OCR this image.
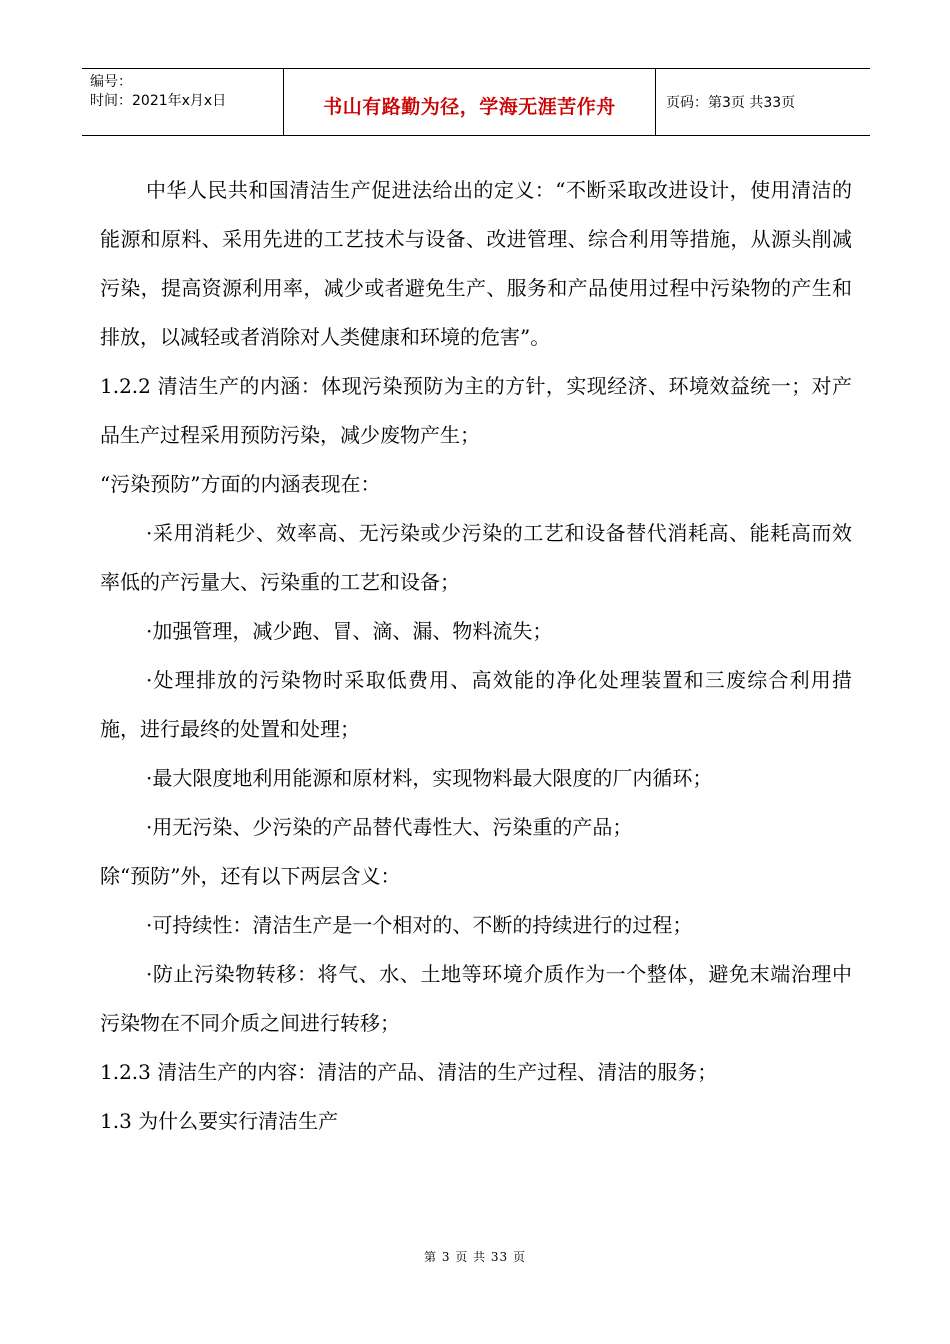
编号：
时间：2021年x月x日	书山有路勤为径，学海无涯苦作舟	页码：第3页 共33页

中华人民共和国清洁生产促进法给出的定义：“不断采取改进设计，使用清洁的能源和原料、采用先进的工艺技术与设备、改进管理、综合利用等措施，从源头削减污染，提高资源利用率，减少或者避免生产、服务和产品使用过程中污染物的产生和排放，以减轻或者消除对人类健康和环境的危害”。

1.2.2 清洁生产的内涵：体现污染预防为主的方针，实现经济、环境效益统一；对产品生产过程采用预防污染，减少废物产生；

“污染预防”方面的内涵表现在：

·采用消耗少、效率高、无污染或少污染的工艺和设备替代消耗高、能耗高而效率低的产污量大、污染重的工艺和设备；

·加强管理，减少跑、冒、滴、漏、物料流失；

·处理排放的污染物时采取低费用、高效能的净化处理装置和三废综合利用措施，进行最终的处置和处理；

·最大限度地利用能源和原材料，实现物料最大限度的厂内循环；

·用无污染、少污染的产品替代毒性大、污染重的产品；

除“预防”外，还有以下两层含义：

·可持续性：清洁生产是一个相对的、不断的持续进行的过程；

·防止污染物转移：将气、水、土地等环境介质作为一个整体，避免末端治理中污染物在不同介质之间进行转移；

1.2.3 清洁生产的内容：清洁的产品、清洁的生产过程、清洁的服务；

1.3 为什么要实行清洁生产

第 3 页 共 33 页
